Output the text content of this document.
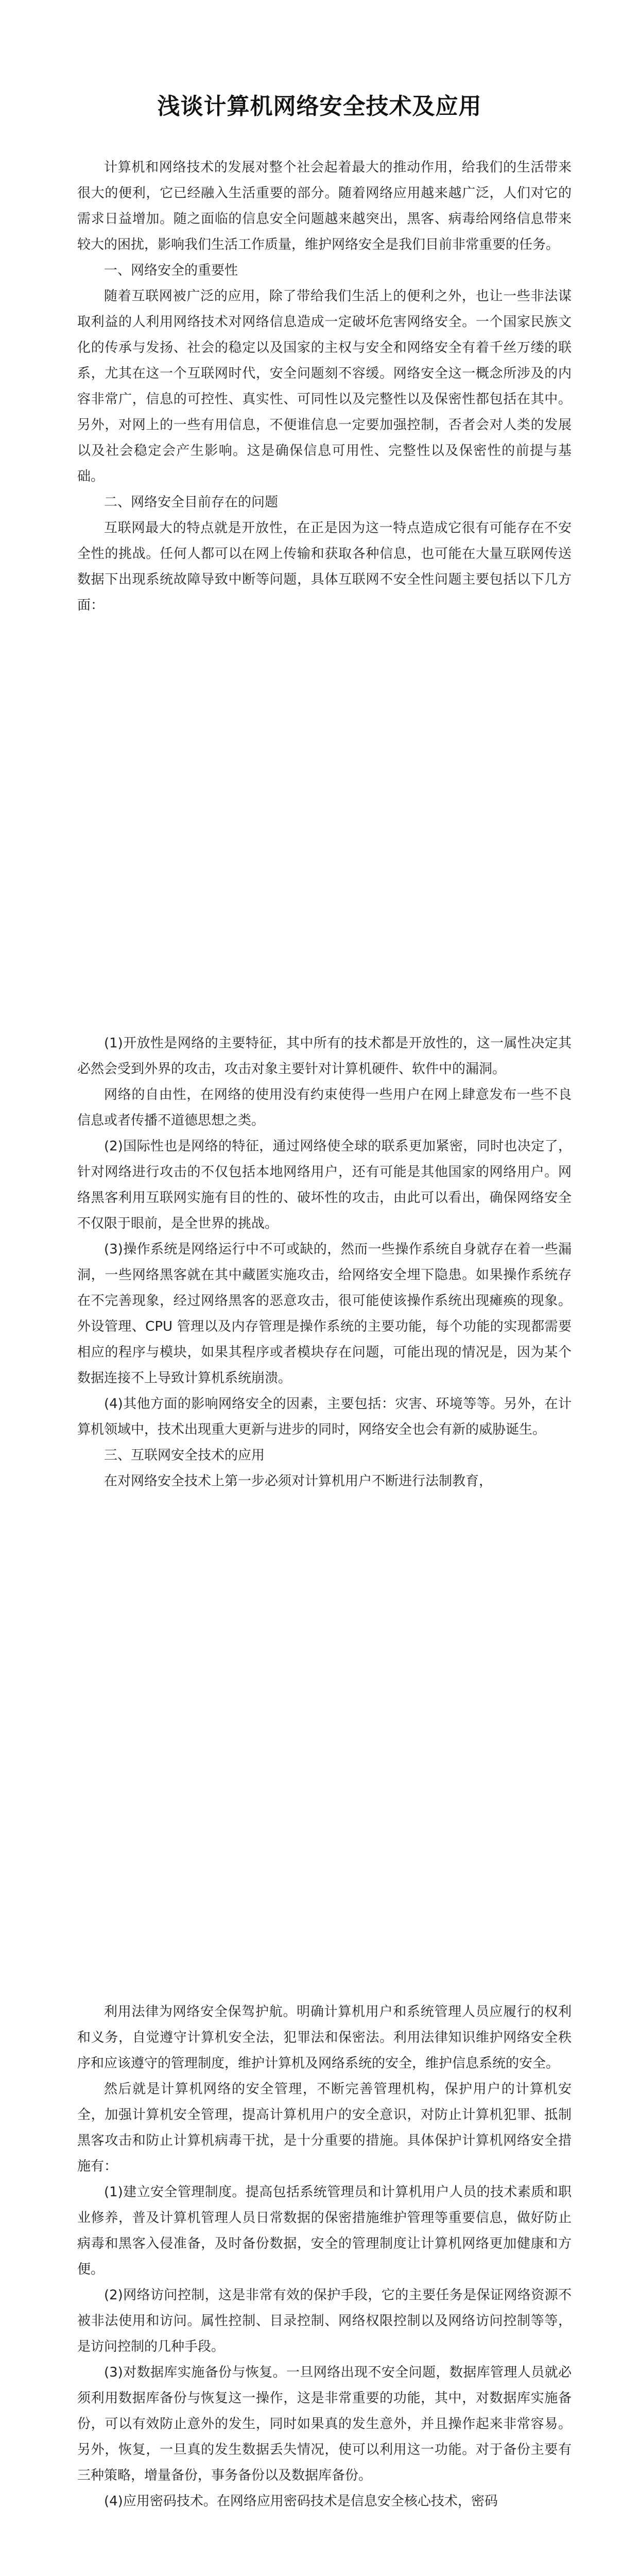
浅谈计算机网络安全技术及应用

计算机和网络技术的发展对整个社会起着最大的推动作用，给我们的生活带来很大的便利，它已经融入生活重要的部分。随着网络应用越来越广泛，人们对它的需求日益增加。随之面临的信息安全问题越来越突出，黑客、病毒给网络信息带来较大的困扰，影响我们生活工作质量，维护网络安全是我们目前非常重要的任务。

一、网络安全的重要性

随着互联网被广泛的应用，除了带给我们生活上的便利之外，也让一些非法谋取利益的人利用网络技术对网络信息造成一定破坏危害网络安全。一个国家民族文化的传承与发扬、社会的稳定以及国家的主权与安全和网络安全有着千丝万缕的联系，尤其在这一个互联网时代，安全问题刻不容缓。网络安全这一概念所涉及的内容非常广，信息的可控性、真实性、可同性以及完整性以及保密性都包括在其中。另外，对网上的一些有用信息，不便谁信息一定要加强控制，否者会对人类的发展以及社会稳定会产生影响。这是确保信息可用性、完整性以及保密性的前提与基础。

二、网络安全目前存在的问题

互联网最大的特点就是开放性，在正是因为这一特点造成它很有可能存在不安全性的挑战。任何人都可以在网上传输和获取各种信息，也可能在大量互联网传送数据下出现系统故障导致中断等问题，具体互联网不安全性问题主要包括以下几方面：

(1)开放性是网络的主要特征，其中所有的技术都是开放性的，这一属性决定其必然会受到外界的攻击，攻击对象主要针对计算机硬件、软件中的漏洞。

网络的自由性，在网络的使用没有约束使得一些用户在网上肆意发布一些不良信息或者传播不道德思想之类。

(2)国际性也是网络的特征，通过网络使全球的联系更加紧密，同时也决定了，针对网络进行攻击的不仅包括本地网络用户，还有可能是其他国家的网络用户。网络黑客利用互联网实施有目的性的、破坏性的攻击，由此可以看出，确保网络安全不仅限于眼前，是全世界的挑战。

(3)操作系统是网络运行中不可或缺的，然而一些操作系统自身就存在着一些漏洞，一些网络黑客就在其中藏匿实施攻击，给网络安全埋下隐患。如果操作系统存在不完善现象，经过网络黑客的恶意攻击，很可能使该操作系统出现瘫痪的现象。外设管理、CPU 管理以及内存管理是操作系统的主要功能，每个功能的实现都需要相应的程序与模块，如果其程序或者模块存在问题，可能出现的情况是，因为某个数据连接不上导致计算机系统崩溃。

(4)其他方面的影响网络安全的因素，主要包括：灾害、环境等等。另外，在计算机领域中，技术出现重大更新与进步的同时，网络安全也会有新的威胁诞生。

三、互联网安全技术的应用

在对网络安全技术上第一步必须对计算机用户不断进行法制教育，

利用法律为网络安全保驾护航。明确计算机用户和系统管理人员应履行的权利和义务，自觉遵守计算机安全法，犯罪法和保密法。利用法律知识维护网络安全秩序和应该遵守的管理制度，维护计算机及网络系统的安全，维护信息系统的安全。

然后就是计算机网络的安全管理，不断完善管理机构，保护用户的计算机安全，加强计算机安全管理，提高计算机用户的安全意识，对防止计算机犯罪、抵制黑客攻击和防止计算机病毒干扰，是十分重要的措施。具体保护计算机网络安全措施有：

(1)建立安全管理制度。提高包括系统管理员和计算机用户人员的技术素质和职业修养，普及计算机管理人员日常数据的保密措施维护管理等重要信息，做好防止病毒和黑客入侵准备，及时备份数据，安全的管理制度让计算机网络更加健康和方便。

(2)网络访问控制，这是非常有效的保护手段，它的主要任务是保证网络资源不被非法使用和访问。属性控制、目录控制、网络权限控制以及网络访问控制等等，是访问控制的几种手段。

(3)对数据库实施备份与恢复。一旦网络出现不安全问题，数据库管理人员就必须利用数据库备份与恢复这一操作，这是非常重要的功能，其中，对数据库实施备份，可以有效防止意外的发生，同时如果真的发生意外，并且操作起来非常容易。另外，恢复，一旦真的发生数据丢失情况，使可以利用这一功能。对于备份主要有三种策略，增量备份，事务备份以及数据库备份。

(4)应用密码技术。在网络应用密码技术是信息安全核心技术，密码
